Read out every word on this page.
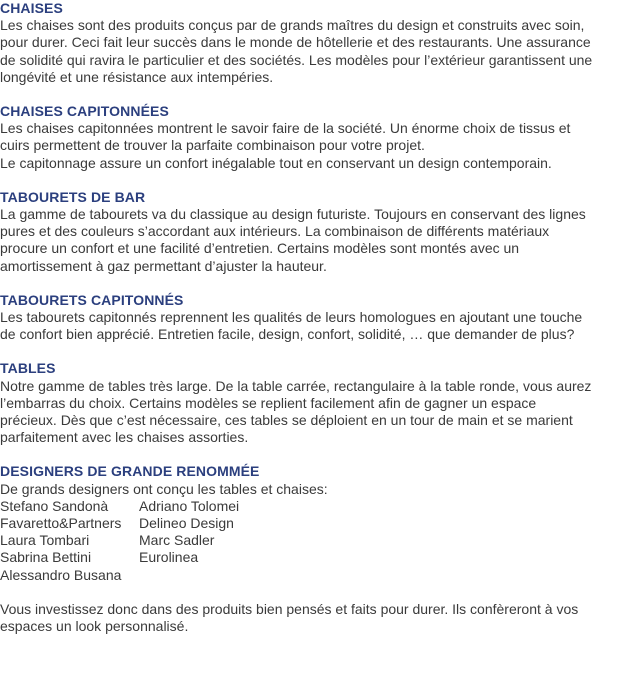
CHAISES

Les chaises sont des produits conçus par de grands maîtres du design et construits avec soin,
pour durer. Ceci fait leur succès dans le monde de hôtellerie et des restaurants. Une assurance
de solidité qui ravira le particulier et des sociétés. Les modèles pour l’extérieur garantissent une
longévité et une résistance aux intempéries.

CHAISES CAPITONNÉES

Les chaises capitonnées montrent le savoir faire de la société. Un énorme choix de tissus et
cuirs permettent de trouver la parfaite combinaison pour votre projet.
Le capitonnage assure un confort inégalable tout en conservant un design contemporain.

TABOURETS DE BAR

La gamme de tabourets va du classique au design futuriste. Toujours en conservant des lignes
pures et des couleurs s’accordant aux intérieurs. La combinaison de différents matériaux
procure un confort et une facilité d’entretien. Certains modèles sont montés avec un
amortissement à gaz permettant d’ajuster la hauteur.

TABOURETS CAPITONNÉS

Les tabourets capitonnés reprennent les qualités de leurs homologues en ajoutant une touche
de confort bien apprécié. Entretien facile, design, confort, solidité, … que demander de plus?

TABLES

Notre gamme de tables très large. De la table carrée, rectangulaire à la table ronde, vous aurez
l’embarras du choix. Certains modèles se replient facilement afin de gagner un espace
précieux. Dès que c’est nécessaire, ces tables se déploient en un tour de main et se marient
parfaitement avec les chaises assorties.

DESIGNERS DE GRANDE RENOMMÉE

De grands designers ont conçu les tables et chaises:

Stefano Sandonà	Adriano Tolomei
Favaretto&Partners	Delineo Design
Laura Tombari	Marc Sadler
Sabrina Bettini	Eurolinea
Alessandro Busana

Vous investissez donc dans des produits bien pensés et faits pour durer. Ils confèreront à vos
espaces un look personnalisé.
